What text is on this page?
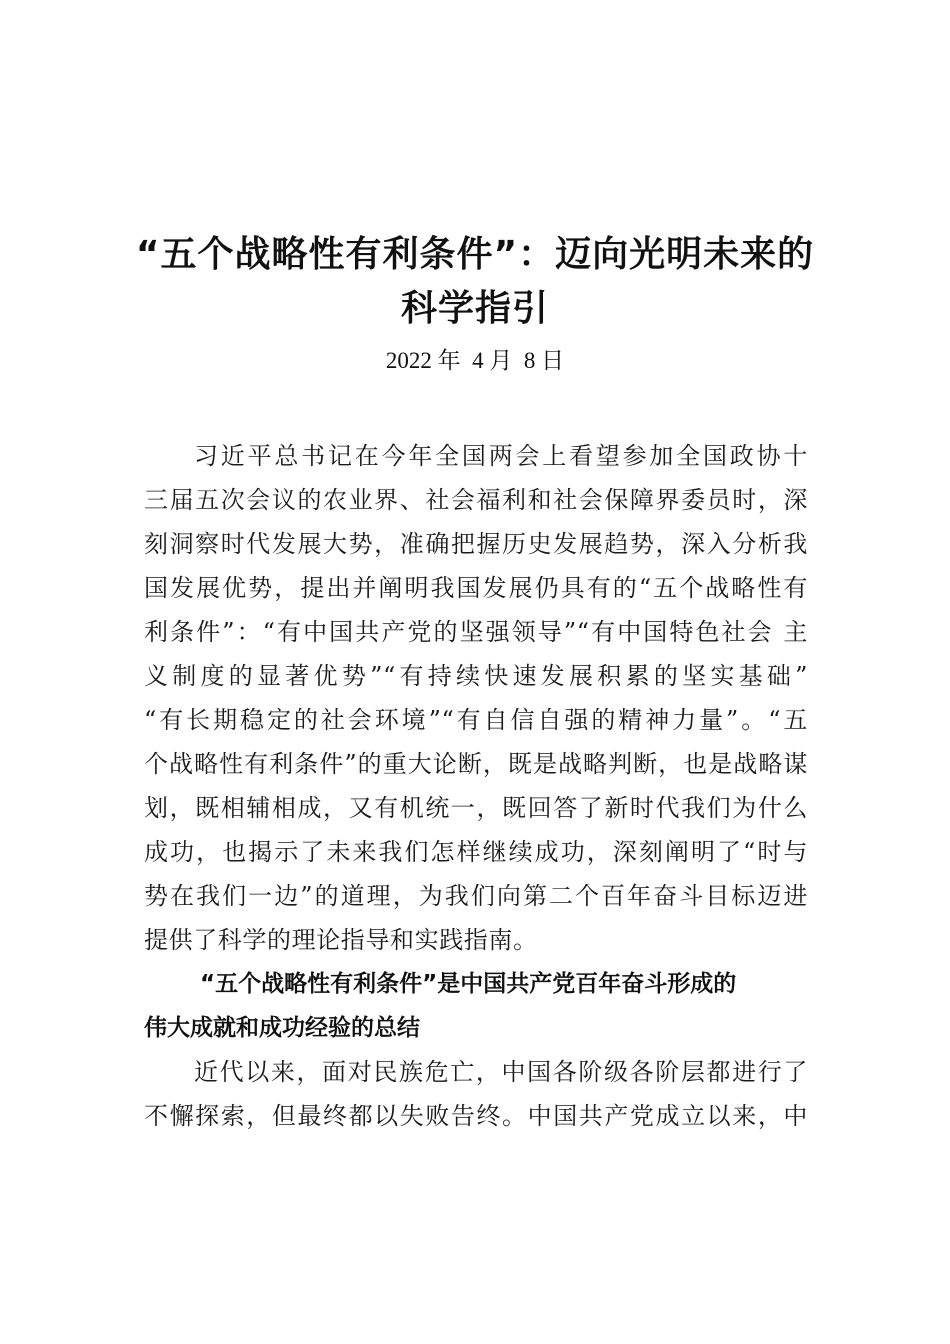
“五个战略性有利条件”：迈向光明未来的
科学指引
2022 年  4 月  8 日
习近平总书记在今年全国两会上看望参加全国政协十
三届五次会议的农业界、社会福利和社会保障界委员时，深
刻洞察时代发展大势，准确把握历史发展趋势，深入分析我
国发展优势，提出并阐明我国发展仍具有的“五个战略性有
利条件”：“有中国共产党的坚强领导”“有中国特色社会 主
义制度的显著优势”“有持续快速发展积累的坚实基础”
“有长期稳定的社会环境”“有自信自强的精神力量”。“五
个战略性有利条件”的重大论断，既是战略判断，也是战略谋
划，既相辅相成，又有机统一，既回答了新时代我们为什么
成功，也揭示了未来我们怎样继续成功，深刻阐明了“时与
势在我们一边”的道理，为我们向第二个百年奋斗目标迈进
提供了科学的理论指导和实践指南。
“五个战略性有利条件”是中国共产党百年奋斗形成的
伟大成就和成功经验的总结
近代以来，面对民族危亡，中国各阶级各阶层都进行了
不懈探索，但最终都以失败告终。中国共产党成立以来，中
